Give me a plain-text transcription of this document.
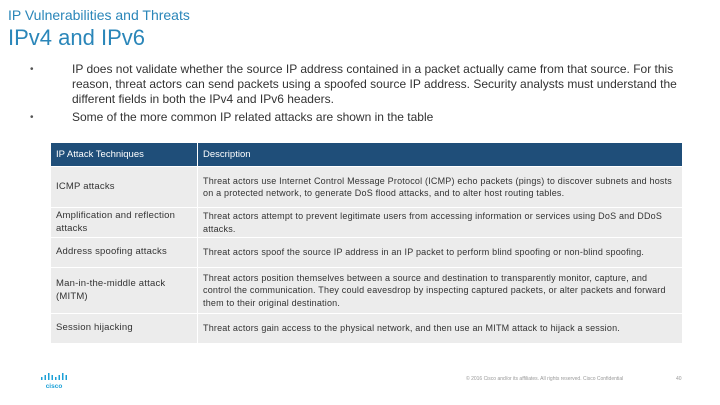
IP Vulnerabilities and Threats
IPv4 and IPv6
•	IP does not validate whether the source IP address contained in a packet actually came from that source. For this reason, threat actors can send packets using a spoofed source IP address. Security analysts must understand the different fields in both the IPv4 and IPv6 headers.
•	Some of the more common IP related attacks are shown in the table
IP Attack Techniques	Description
ICMP attacks	Threat actors use Internet Control Message Protocol (ICMP) echo packets (pings) to discover subnets and hosts on a protected network, to generate DoS flood attacks, and to alter host routing tables.
Amplification and reflection attacks	Threat actors attempt to prevent legitimate users from accessing information or services using DoS and DDoS attacks.
Address spoofing attacks	Threat actors spoof the source IP address in an IP packet to perform blind spoofing or non-blind spoofing.
Man-in-the-middle attack (MITM)	Threat actors position themselves between a source and destination to transparently monitor, capture, and control the communication. They could eavesdrop by inspecting captured packets, or alter packets and forward them to their original destination.
Session hijacking	Threat actors gain access to the physical network, and then use an MITM attack to hijack a session.
cisco
© 2016 Cisco and/or its affiliates. All rights reserved. Cisco Confidential	40
